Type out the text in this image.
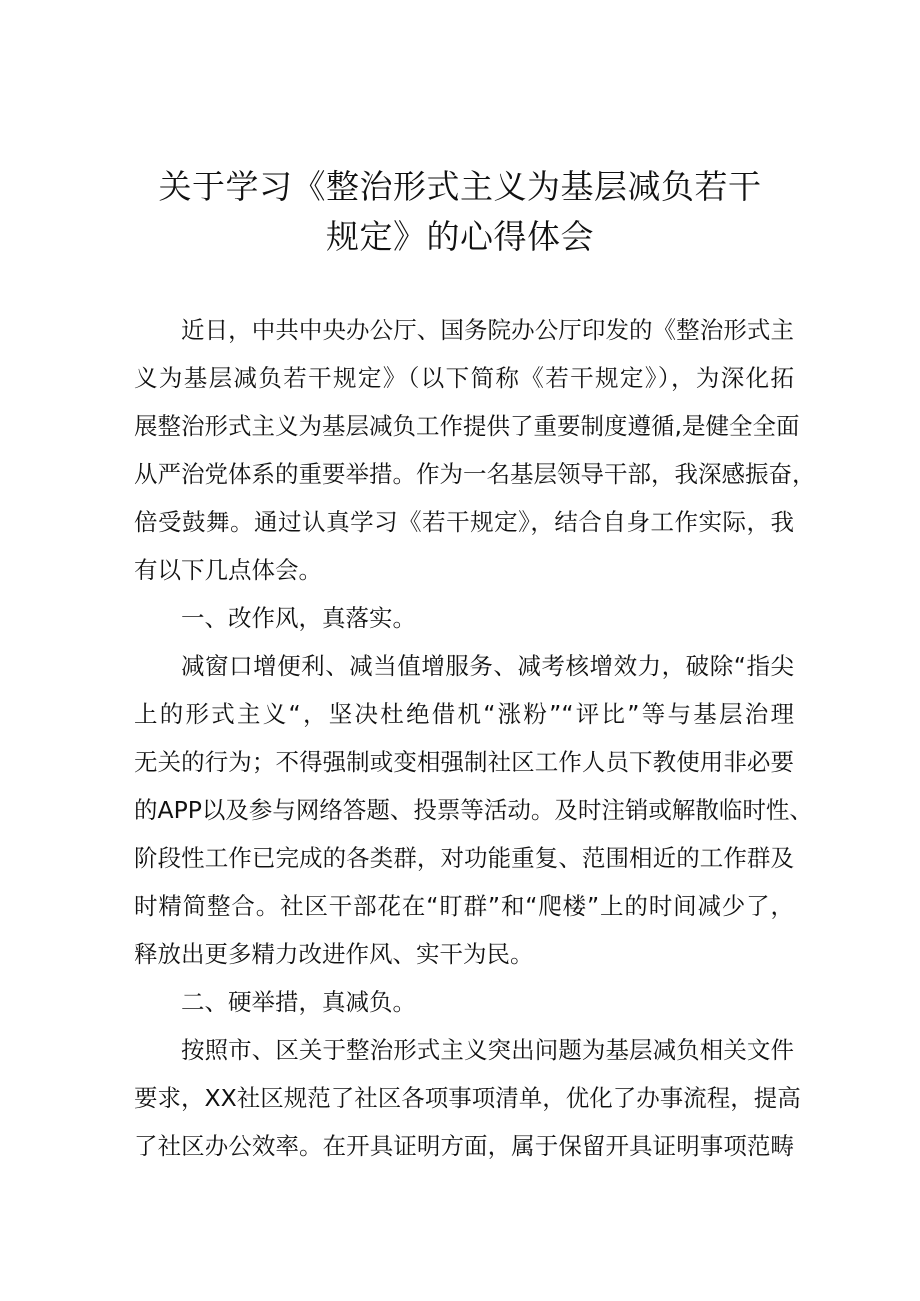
关于学习《整治形式主义为基层减负若干
规定》的心得体会
近日，中共中央办公厅、国务院办公厅印发的《整治形式主
义为基层减负若干规定》（以下简称《若干规定》），为深化拓
展整治形式主义为基层减负工作提供了重要制度遵循,是健全全面
从严治党体系的重要举措。作为一名基层领导干部，我深感振奋，
倍受鼓舞。通过认真学习《若干规定》，结合自身工作实际，我
有以下几点体会。
一、改作风，真落实。
减窗口增便利、减当值增服务、减考核增效力，破除“指尖
上的形式主义“，坚决杜绝借机“涨粉”“评比”等与基层治理
无关的行为；不得强制或变相强制社区工作人员下教使用非必要
的APP以及参与网络答题、投票等活动。及时注销或解散临时性、
阶段性工作已完成的各类群，对功能重复、范围相近的工作群及
时精简整合。社区干部花在“盯群”和“爬楼”上的时间减少了，
释放出更多精力改进作风、实干为民。
二、硬举措，真减负。
按照市、区关于整治形式主义突出问题为基层减负相关文件
要求，XX社区规范了社区各项事项清单，优化了办事流程，提高
了社区办公效率。在开具证明方面，属于保留开具证明事项范畴
